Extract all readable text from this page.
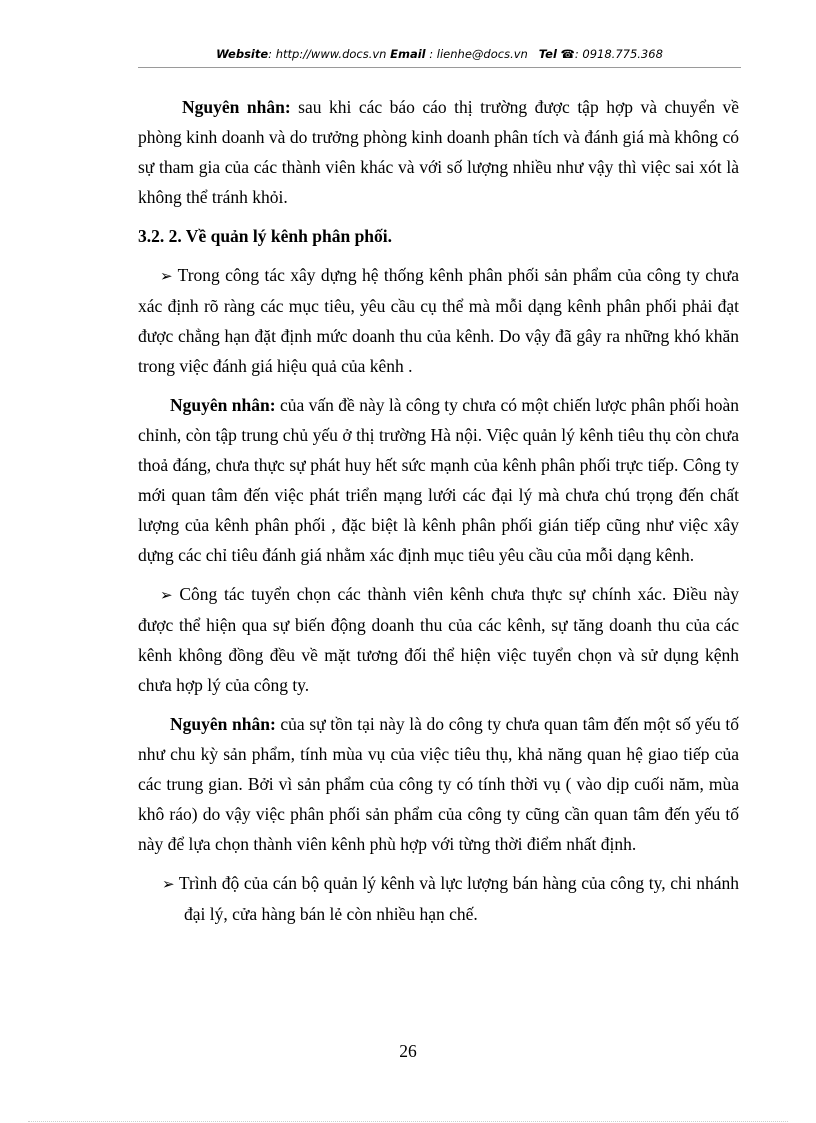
Website: http://www.docs.vn Email : lienhe@docs.vn Tel ☎: 0918.775.368

Nguyên nhân: sau khi các báo cáo thị trường được tập hợp và chuyển về phòng kinh doanh và do trưởng phòng kinh doanh phân tích và đánh giá mà không có sự tham gia của các thành viên khác và với số lượng nhiều như vậy thì việc sai xót là không thể tránh khỏi.

3.2. 2. Về quản lý kênh phân phối.

➢ Trong công tác xây dựng hệ thống kênh phân phối sản phẩm của công ty chưa xác định rõ ràng các mục tiêu, yêu cầu cụ thể mà mỗi dạng kênh phân phối phải đạt được chẳng hạn đặt định mức doanh thu của kênh. Do vậy đã gây ra những khó khăn trong việc đánh giá hiệu quả của kênh .

Nguyên nhân: của vấn đề này là công ty chưa có một chiến lược phân phối hoàn chỉnh, còn tập trung chủ yếu ở thị trường Hà nội. Việc quản lý kênh tiêu thụ còn chưa thoả đáng, chưa thực sự phát huy hết sức mạnh của kênh phân phối trực tiếp. Công ty mới quan tâm đến việc phát triển mạng lưới các đại lý mà chưa chú trọng đến chất lượng của kênh phân phối , đặc biệt là kênh phân phối gián tiếp cũng như việc xây dựng các chỉ tiêu đánh giá nhằm xác định mục tiêu yêu cầu của mỗi dạng kênh.

➢ Công tác tuyển chọn các thành viên kênh chưa thực sự chính xác. Điều này được thể hiện qua sự biến động doanh thu của các kênh, sự tăng doanh thu của các kênh không đồng đều về mặt tương đối thể hiện việc tuyển chọn và sử dụng kệnh chưa hợp lý của công ty.

Nguyên nhân: của sự tồn tại này là do công ty chưa quan tâm đến một số yếu tố như chu kỳ sản phẩm, tính mùa vụ của việc tiêu thụ, khả năng quan hệ giao tiếp của các trung gian. Bởi vì sản phẩm của công ty có tính thời vụ ( vào dịp cuối năm, mùa khô ráo) do vậy việc phân phối sản phẩm của công ty cũng cần quan tâm đến yếu tố này để lựa chọn thành viên kênh phù hợp với từng thời điểm nhất định.

➢ Trình độ của cán bộ quản lý kênh và lực lượng bán hàng của công ty, chi nhánh đại lý, cửa hàng bán lẻ còn nhiều hạn chế.

26
